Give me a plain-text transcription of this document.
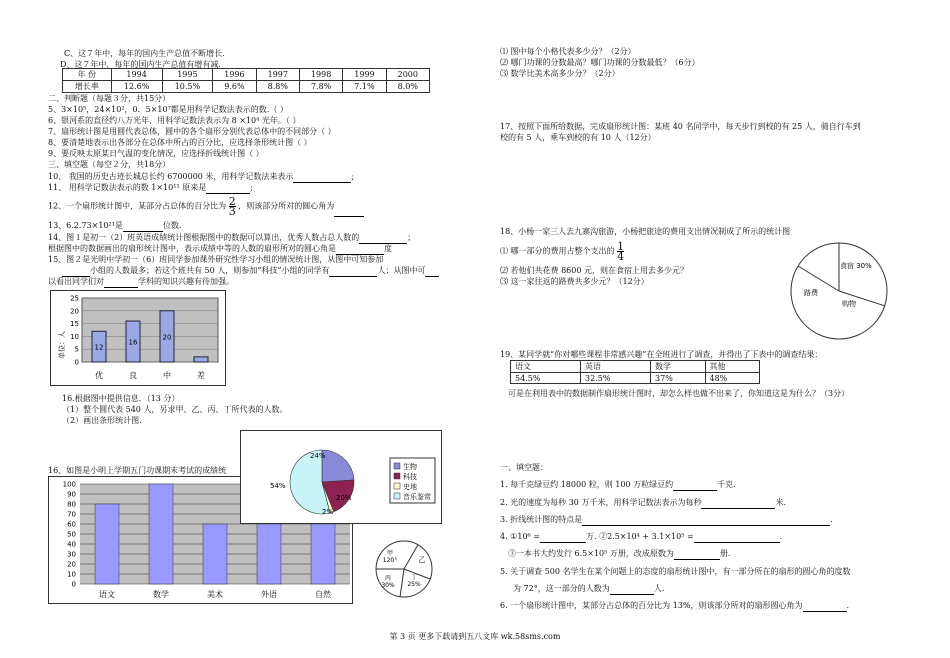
C、这７年中，每年的国内生产总值不断增长.
D、这７年中，每年的国内生产总值有增有减.
年 份	1994	1995	1996	1997	1998	1999	2000
增长率	12.6%	10.5%	9.6%	8.8%	7.8%	7.1%	8.0%
二、判断题（每题３分，共15分）
5、3×10⁵，24×10²，0．5×10⁷都是用科学记数法表示的数.（ ）
6、银河系的直径约八万光年，用科学记数法表示为 8 ×10⁴ 光年。（ ）
7、扇形统计图是用圆代表总体，圆中的各个扇形分别代表总体中的不同部分（ ）
8、要清楚地表示出各部分在总体中所占的百分比，应选择条形统计图（ ）
9、要反映太原某日气温的变化情况，应选择折线统计图（ ）
三、填空题（每空２分，共18分）
10、 我国的历史古迹长城总长约 6700000 米，用科学记数法来表示	;
11、 用科学记数法表示的数 1×10¹¹ 原来是	;
12、一个扇形统计图中，某部分占总体的百分比为 $\frac{2}{3}$ ，则该部分所对的圆心角为
13、6.2.73×10²¹是	位数.
14、图１是初一（2）班英语成绩统计图根据图中的数据可以算出，优秀人数占总人数的	；
根据图中的数据画出的扇形统计图中，表示成绩中等的人数的扇形所对的圆心角是	度
15、图２是光明中学初一（6）班同学参加课外研究性学习小组的情况统计图，从图中可知参加
小组的人数最多；若这个班共有 50 人，则参加“科技”小组的同学有	人；从图中可
以看出同学们对	学科的知识兴趣有待加强。
单位：人	12
16
20
0
5
10
15
20
25
优	良	中	差
16.根据图中提供信息．（13 分）
（1）整个圆代表 540 人，另求甲、乙、丙、丁所代表的人数。
（2）画出条形统计图.
16、如图是小明上学期五门功课期末考试的成绩统
0
10
20
30
40
50
60
70
80
90
100
语文	数学	美术	外语	自然
24%
20%
2%
54%
生物
科技
史地
音乐鉴赏
甲 120°	乙
丙 30%
丁 25%
⑴ 图中每个小格代表多少分？（2分）
⑵ 哪门功课的分数最高？哪门功课的分数最低？（6分）
⑶ 数学比美术高多少分？（2分）
17、按照下面所给数据，完成扇形统计图：某班 40 名同学中，每天步行到校的有 25 人，骑自行车到
校的有 5 人，乘车到校的有 10 人（12分）
18、小杨一家三人去九寨沟旅游，小杨把旅途的费用支出情况制成了所示的统计图
⑴ 哪一部分的费用占整个支出的 $\frac{1}{4}$
⑵ 若他们共花费 8600 元，则在食宿上用去多少元？
⑶ 这一家往返的路费共多少元？（12分）
食宿 30%
路费
购物
19、某同学就“你对哪些课程非常感兴趣”在全班进行了调查，并得出了下表中的调查结果：
语文	英语	数学	其他
54.5%	32.5%	37%	48%
可是在利用表中的数据制作扇形统计图时，却怎么样也做不出来了，你知道这是为什么？（3分）
一、填空题：
1. 每千克绿豆约 18000 粒，则 100 万粒绿豆约	千克.
2. 光的速度为每秒 30 万千米，用科学记数法表示为每秒	米.
3. 折线统计图的特点是	.
4. ①10⁶ =	万. ②2.5×10⁴ + 3.1×10⁵ =	.
③一本书大约发行 6.5×10⁵ 万册，改成原数为	册.
5. 关于调查 500 名学生在某个问题上的态度的扇形统计图中，有一部分所在的扇形的圆心角的度数
为 72°，这一部分的人数为	人.
6. 一个扇形统计图中，某部分占总体的百分比为 13%，则该部分所对的扇形圆心角为	.
第 3 页 更多下载请到五八文库 wk.58sms.com
